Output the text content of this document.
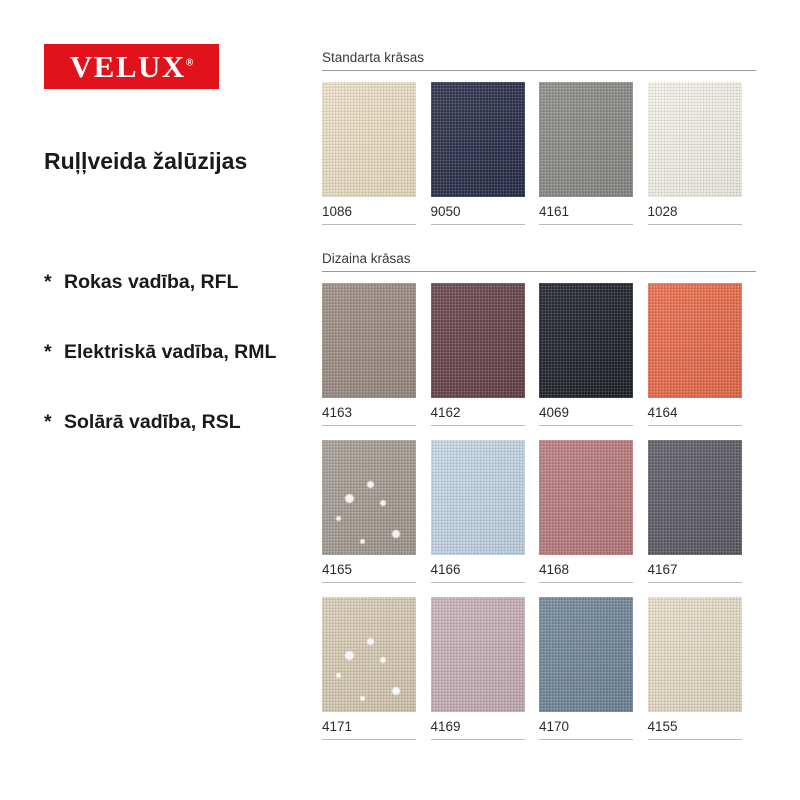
VELUX®
Ruļļveida žalūzijas
* Rokas vadība, RFL
* Elektriskā vadība, RML
* Solārā vadība, RSL
Standarta krāsas
1086	9050	4161	1028
Dizaina krāsas
4163	4162	4069	4164
4165	4166	4168	4167
4171	4169	4170	4155
